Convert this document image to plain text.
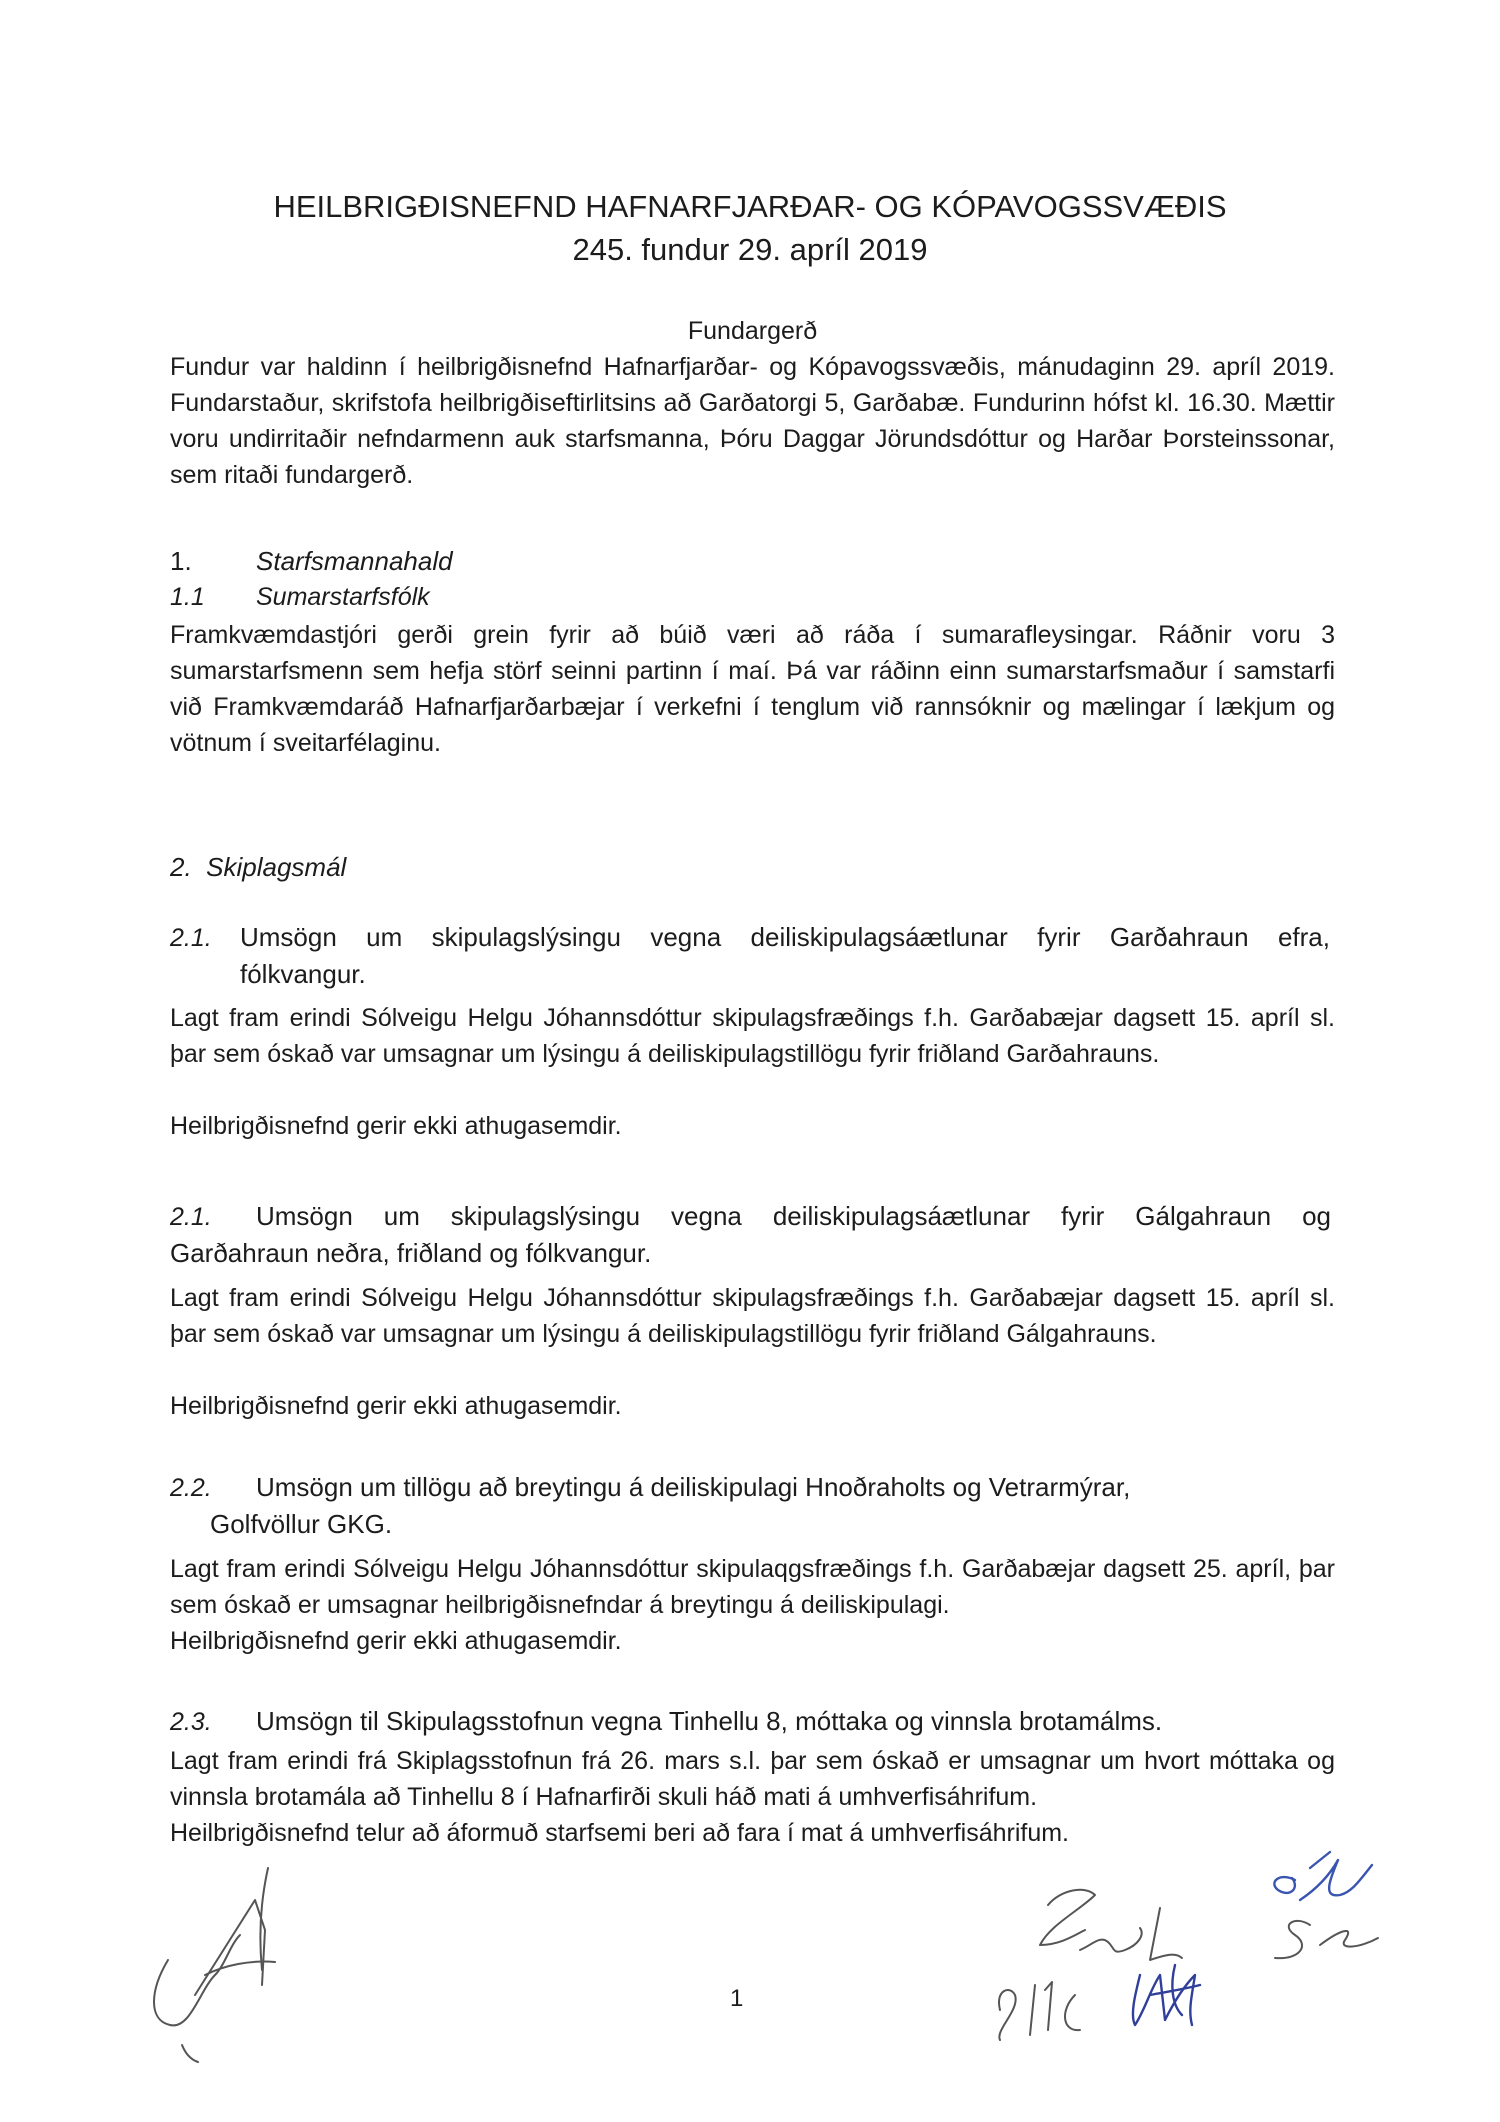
HEILBRIGÐISNEFND HAFNARFJARÐAR- OG KÓPAVOGSSVÆÐIS
245. fundur 29. apríl 2019
Fundargerð
Fundur var haldinn í heilbrigðisnefnd Hafnarfjarðar- og Kópavogssvæðis, mánudaginn 29. apríl 2019. Fundarstaður, skrifstofa heilbrigðiseftirlitsins að Garðatorgi 5, Garðabæ. Fundurinn hófst kl. 16.30. Mættir voru undirritaðir nefndarmenn auk starfsmanna, Þóru Daggar Jörundsdóttur og Harðar Þorsteinssonar, sem ritaði fundargerð.
1. Starfsmannahald
1.1 Sumarstarfsfólk
Framkvæmdastjóri gerði grein fyrir að búið væri að ráða í sumarafleysingar. Ráðnir voru 3 sumarstarfsmenn sem hefja störf seinni partinn í maí. Þá var ráðinn einn sumarstarfsmaður í samstarfi við Framkvæmdaráð Hafnarfjarðarbæjar í verkefni í tenglum við rannsóknir og mælingar í lækjum og vötnum í sveitarfélaginu.
2. Skiplagsmál
2.1. Umsögn um skipulagslýsingu vegna deiliskipulagsáætlunar fyrir Garðahraun efra,
fólkvangur.
Lagt fram erindi Sólveigu Helgu Jóhannsdóttur skipulagsfræðings f.h. Garðabæjar dagsett 15. apríl sl. þar sem óskað var umsagnar um lýsingu á deiliskipulagstillögu fyrir friðland Garðahrauns.
Heilbrigðisnefnd gerir ekki athugasemdir.
2.1. Umsögn um skipulagslýsingu vegna deiliskipulagsáætlunar fyrir Gálgahraun og
Garðahraun neðra, friðland og fólkvangur.
Lagt fram erindi Sólveigu Helgu Jóhannsdóttur skipulagsfræðings f.h. Garðabæjar dagsett 15. apríl sl. þar sem óskað var umsagnar um lýsingu á deiliskipulagstillögu fyrir friðland Gálgahrauns.
Heilbrigðisnefnd gerir ekki athugasemdir.
2.2. Umsögn um tillögu að breytingu á deiliskipulagi Hnoðraholts og Vetrarmýrar,
Golfvöllur GKG.
Lagt fram erindi Sólveigu Helgu Jóhannsdóttur skipulaqgsfræðings f.h. Garðabæjar dagsett 25. apríl, þar sem óskað er umsagnar heilbrigðisnefndar á breytingu á deiliskipulagi.
Heilbrigðisnefnd gerir ekki athugasemdir.
2.3. Umsögn til Skipulagsstofnun vegna Tinhellu 8, móttaka og vinnsla brotamálms.
Lagt fram erindi frá Skiplagsstofnun frá 26. mars s.l. þar sem óskað er umsagnar um hvort móttaka og vinnsla brotamála að Tinhellu 8 í Hafnarfirði skuli háð mati á umhverfisáhrifum.
Heilbrigðisnefnd telur að áformuð starfsemi beri að fara í mat á umhverfisáhrifum.
1
